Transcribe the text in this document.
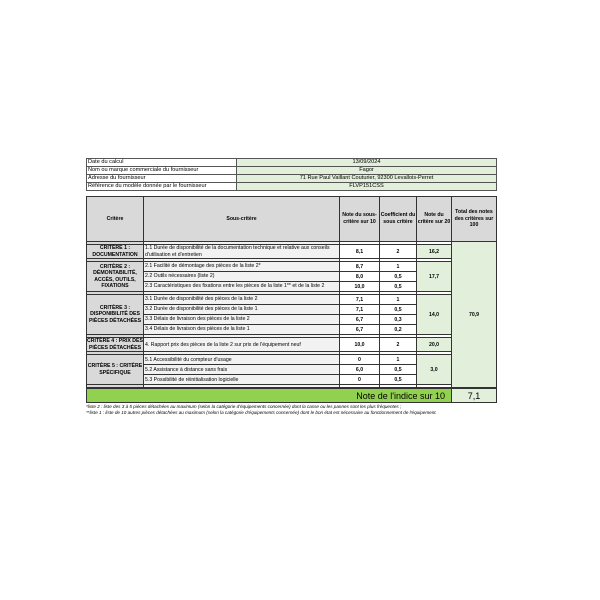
Date du calcul	13/09/2024
Nom ou marque commerciale du fournisseur	Fagor
Adresse du fournisseur	71 Rue Paul Vaillant Couturier, 92300 Levallois-Perret
Référence du modèle donnée par le fournisseur	FLVP151CSS
Critère	Sous-critère	Note du sous-critère sur 10	Coefficient du sous critère	Note du critère sur 20	Total des notes des critères sur 100
					70,9
CRITÈRE 1 : DOCUMENTATION	1.1 Durée de disponibilité de la documentation technique et relative aux conseils d'utilisation et d'entretien	8,1	2	16,2	

CRITÈRE 2 : DÉMONTABILITÉ, ACCÈS, OUTILS, FIXATIONS	2.1 Facilité de démontage des pièces de la liste 2*	8,7	1	17,7	
	2.2 Outils nécessaires (liste 2)	8,0	0,5		
	2.3 Caractéristiques des fixations entre les pièces de la liste 1** et de la liste 2	10,0	0,5		

CRITÈRE 3 : DISPONIBILITÉ DES PIÈCES DÉTACHÉES	3.1 Durée de disponibilité des pièces de la liste 2	7,1	1	14,0	
	3.2 Durée de disponibilité des pièces de la liste 1	7,1	0,5		
	3.3 Délais de livraison des pièces de la liste 2	6,7	0,3		
	3.4 Délais de livraison des pièces de la liste 1	6,7	0,2		

CRITÈRE 4 : PRIX DES PIÈCES DÉTACHÉES	4. Rapport prix des pièces de la liste 2 sur prix de l'équipement neuf	10,0	2	20,0	

CRITÈRE 5 : CRITÈRE SPÉCIFIQUE	5.1 Accessibilité du compteur d'usage	0	1	3,0	
	5.2 Assistance à distance sans frais	6,0	0,5		
	5.3 Possibilité de réinitialisation logicielle	0	0,5		

Note de l'indice sur 10	7,1
*liste 2 : liste des 3 à 5 pièces détachées au maximum (selon la catégorie d'équipements concernée) dont la casse ou les pannes sont les plus fréquentes ;
**liste 1 : liste de 10 autres pièces détachées au maximum (selon la catégorie d'équipements concernée) dont le bon état est nécessaire au fonctionnement de l'équipement.
